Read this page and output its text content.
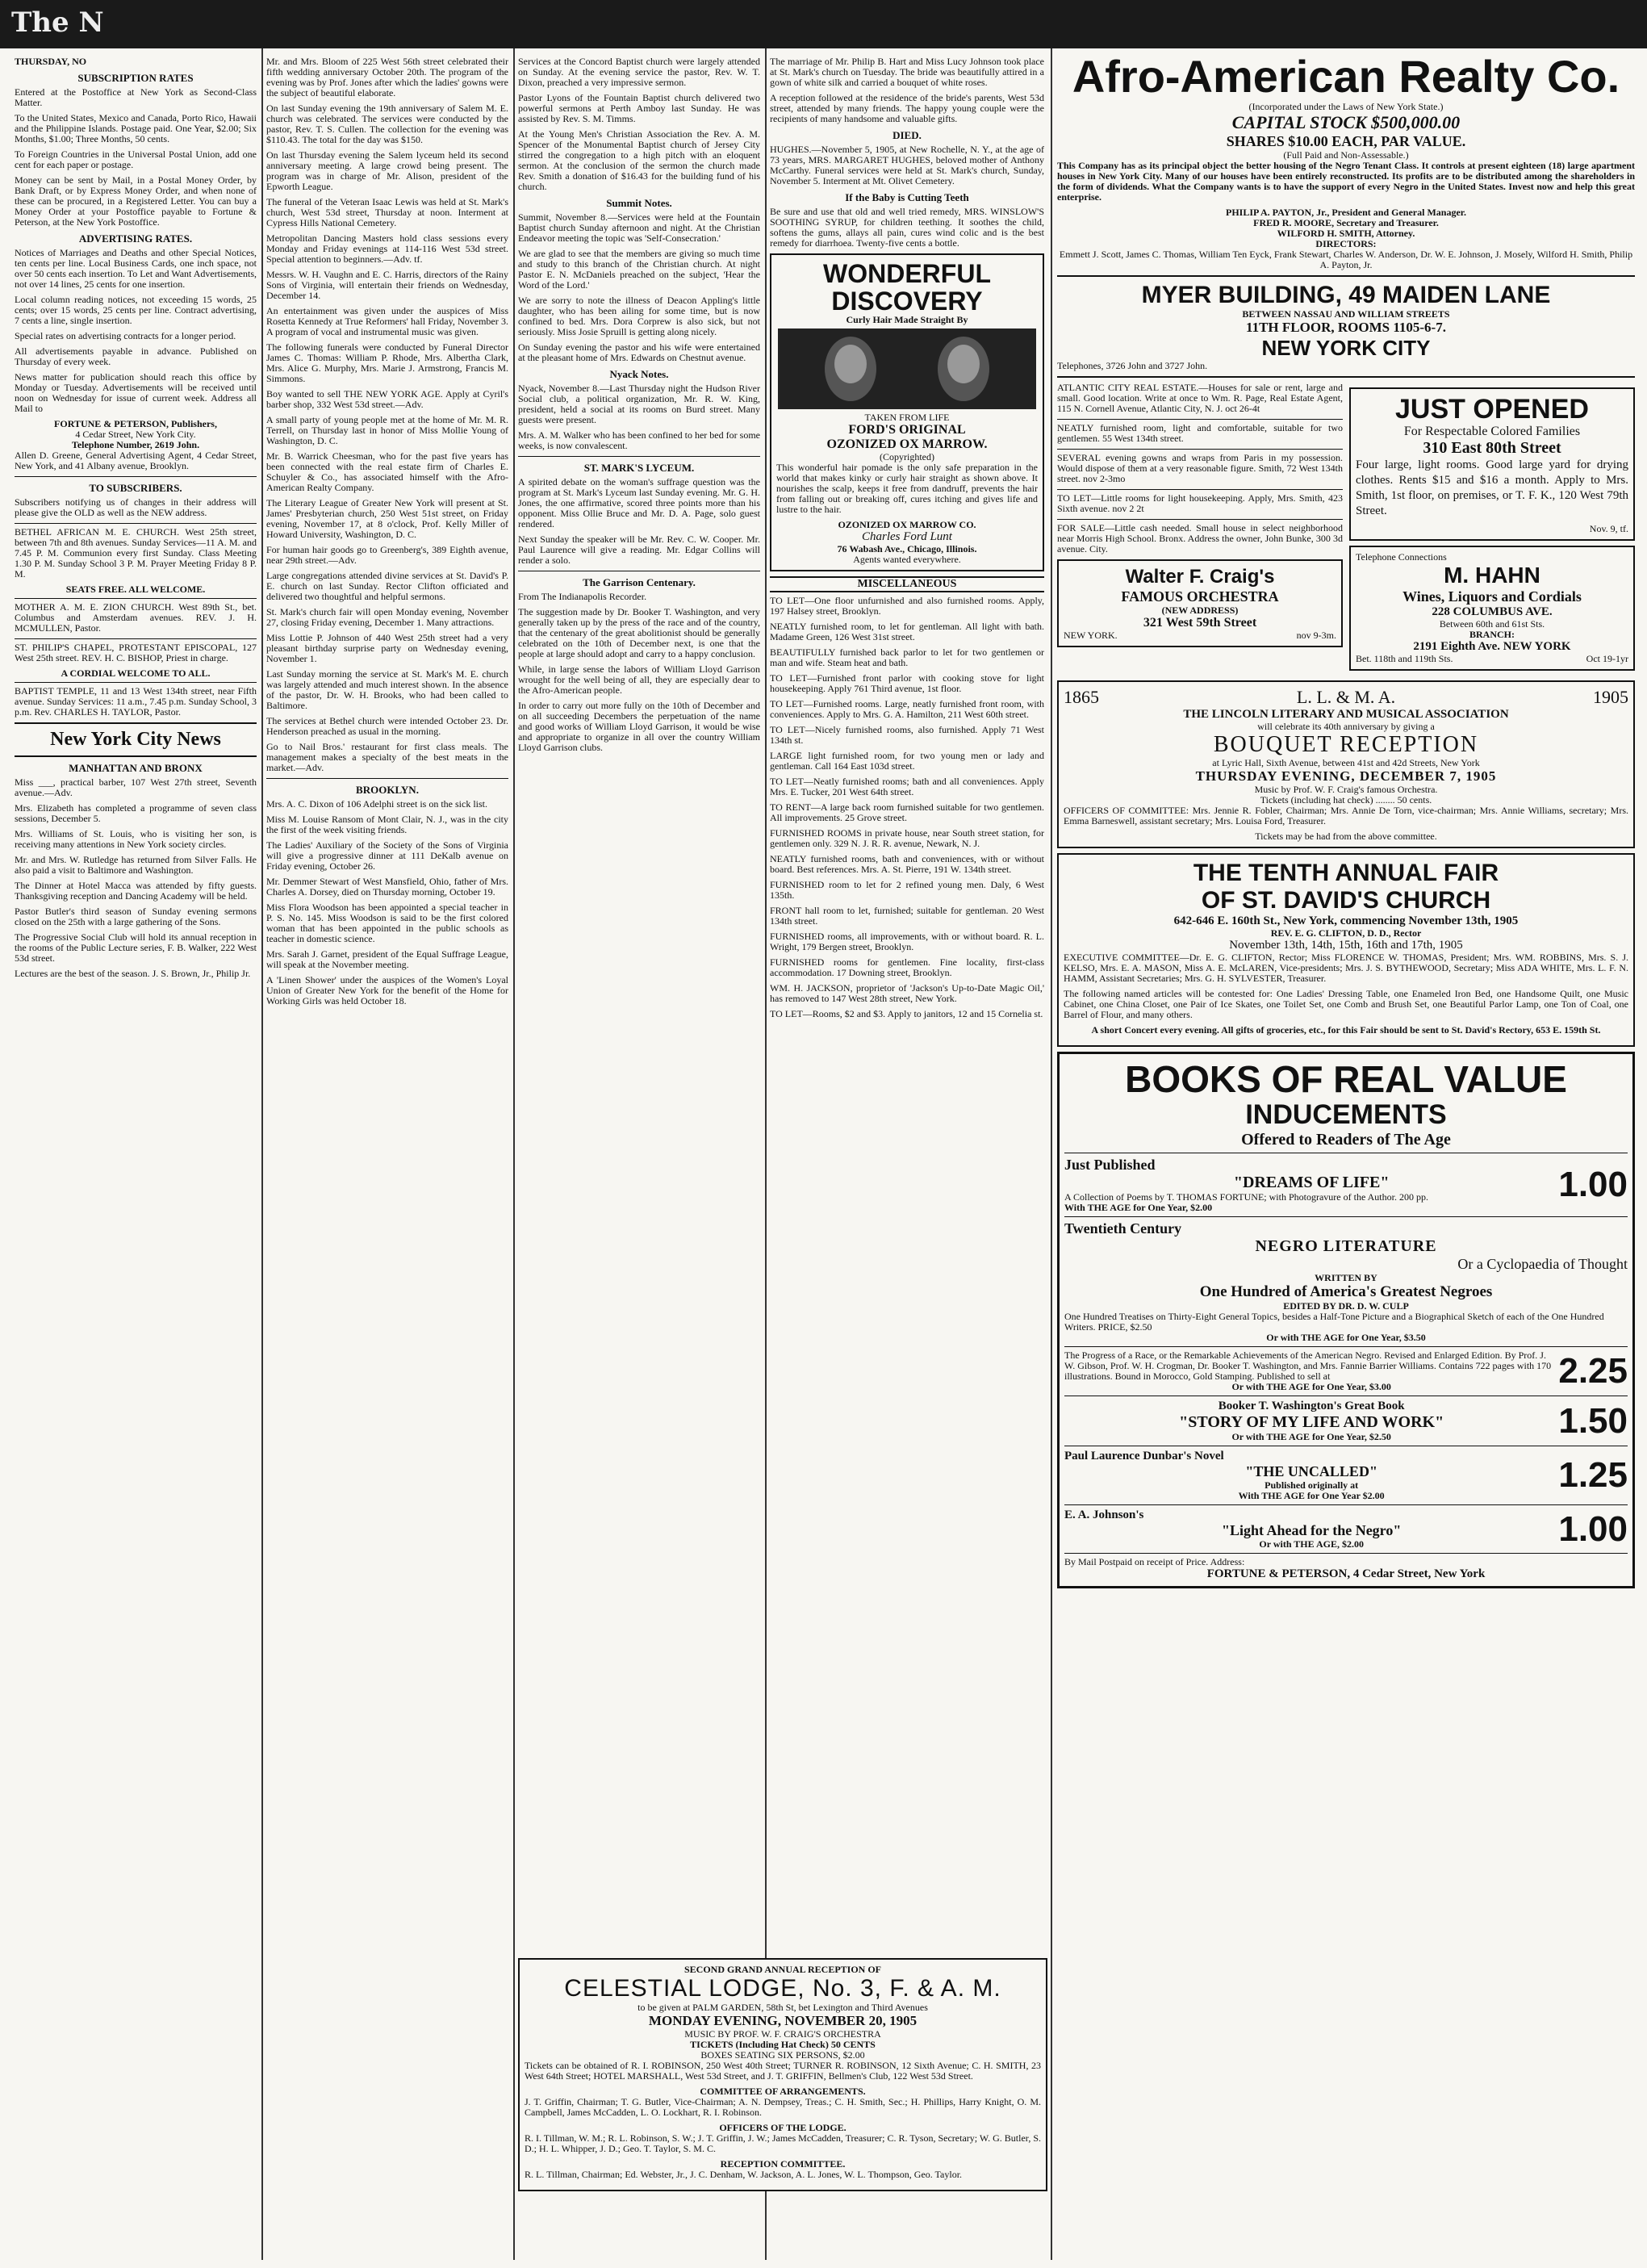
The N
THURSDAY, NO
SUBSCRIPTION RATES

Entered at the Postoffice at New York as Second-Class Matter.

To the United States, Mexico and Canada, Porto Rico, Hawaii and the Philippine Islands. Postage paid. One Year, $2.00; Six Months, $1.00; Three Months, 50 cents.

To Foreign Countries in the Universal Postal Union, add one cent for each paper or postage.

Money can be sent by Mail, in a Postal Money Order, by Bank Draft, or by Express Money Order, and when none of these can be procured, in a Registered Letter. You can buy a Money Order at your Postoffice payable to Fortune & Peterson, at the New York Postoffice.

ADVERTISING RATES.

Notices of Marriages and Deaths and other Special Notices, ten cents per line. Local Business Cards, one inch space, not over 50 cents each insertion. To Let and Want Advertisements, not over 14 lines, 25 cents for one insertion.

Local column reading notices, not exceeding 15 words, 25 cents; over 15 words, 25 cents per line. Contract advertising, 7 cents a line, single insertion.

Special rates on advertising contracts for a longer period.

All advertisements payable in advance. Published on Thursday of every week.

News matter for publication should reach this office by Monday or Tuesday. Advertisements will be received until noon on Wednesday for issue of current week. Address all Mail to

FORTUNE & PETERSON, Publishers,
4 Cedar Street, New York City.
Telephone Number, 2619 John.

Allen D. Greene, General Advertising Agent, 4 Cedar Street, New York, and 41 Albany avenue, Brooklyn.

TO SUBSCRIBERS.

Subscribers notifying us of changes in their address will please give the OLD as well as the NEW address.

BETHEL AFRICAN M. E. CHURCH. West 25th street, between 7th and 8th avenues. Sunday Services—11 A. M. and 7.45 P. M. Communion every first Sunday. Class Meeting 1.30 P. M. Sunday School 3 P. M. Prayer Meeting Friday 8 P. M.

SEATS FREE. ALL WELCOME.

MOTHER A. M. E. ZION CHURCH. West 89th St., bet. Columbus and Amsterdam avenues. REV. J. H. MCMULLEN, Pastor.

ST. PHILIP'S CHAPEL, PROTESTANT EPISCOPAL, 127 West 25th street. REV. H. C. BISHOP, Priest in charge.

A CORDIAL WELCOME TO ALL.

BAPTIST TEMPLE, 11 and 13 West 134th street, near Fifth avenue. Sunday Services: 11 a.m., 7.45 p.m. Sunday School, 3 p.m. Rev. CHARLES H. TAYLOR, Pastor.

New York City News
MANHATTAN AND BRONX

Miss ___, practical barber, 107 West 27th street, Seventh avenue.—Adv.

Mrs. Elizabeth has completed a programme of seven class sessions, December 5.

Mrs. Williams of St. Louis, who is visiting her son, is receiving many attentions in New York society circles.

Mr. and Mrs. W. Rutledge has returned from Silver Falls. He also paid a visit to Baltimore and Washington.

The Dinner at Hotel Macca was attended by fifty guests. Thanksgiving reception and Dancing Academy will be held.

Pastor Butler's third season of Sunday evening sermons closed on the 25th with a large gathering of the Sons.

The Progressive Social Club will hold its annual reception in the rooms of the Public Lecture series, F. B. Walker, 222 West 53d street.

Lectures are the best of the season. J. S. Brown, Jr., Philip Jr.

Mr. and Mrs. Bloom of 225 West 56th street celebrated their fifth wedding anniversary October 20th. The program of the evening was by Prof. Jones after which the ladies' gowns were the subject of beautiful elaborate.

On last Sunday evening the 19th anniversary of Salem M. E. church was celebrated. The services were conducted by the pastor, Rev. T. S. Cullen. The collection for the evening was $110.43. The total for the day was $150.

On last Thursday evening the Salem lyceum held its second anniversary meeting. A large crowd being present. The program was in charge of Mr. Alison, president of the Epworth League.

The funeral of the Veteran Isaac Lewis was held at St. Mark's church, West 53d street, Thursday at noon. Interment at Cypress Hills National Cemetery.

Metropolitan Dancing Masters hold class sessions every Monday and Friday evenings at 114-116 West 53d street. Special attention to beginners.—Adv. tf.

Messrs. W. H. Vaughn and E. C. Harris, directors of the Rainy Sons of Virginia, will entertain their friends on Wednesday, December 14.

An entertainment was given under the auspices of Miss Rosetta Kennedy at True Reformers' hall Friday, November 3. A program of vocal and instrumental music was given.

The following funerals were conducted by Funeral Director James C. Thomas: William P. Rhode, Mrs. Albertha Clark, Mrs. Alice G. Murphy, Mrs. Marie J. Armstrong, Francis M. Simmons.

Boy wanted to sell THE NEW YORK AGE. Apply at Cyril's barber shop, 332 West 53d street.—Adv.

A small party of young people met at the home of Mr. M. R. Terrell, on Thursday last in honor of Miss Mollie Young of Washington, D. C.

Mr. B. Warrick Cheesman, who for the past five years has been connected with the real estate firm of Charles E. Schuyler & Co., has associated himself with the Afro-American Realty Company.

The Literary League of Greater New York will present at St. James' Presbyterian church, 250 West 51st street, on Friday evening, November 17, at 8 o'clock, Prof. Kelly Miller of Howard University, Washington, D. C.

For human hair goods go to Greenberg's, 389 Eighth avenue, near 29th street.—Adv.

Large congregations attended divine services at St. David's P. E. church on last Sunday. Rector Clifton officiated and delivered two thoughtful and helpful sermons.

St. Mark's church fair will open Monday evening, November 27, closing Friday evening, December 1. Many attractions.

Miss Lottie P. Johnson of 440 West 25th street had a very pleasant birthday surprise party on Wednesday evening, November 1.

Last Sunday morning the service at St. Mark's M. E. church was largely attended and much interest shown. In the absence of the pastor, Dr. W. H. Brooks, who had been called to Baltimore.

The services at Bethel church were intended October 23. Dr. Henderson preached as usual in the morning.

Go to Nail Bros.' restaurant for first class meals. The management makes a specialty of the best meats in the market.—Adv.

BROOKLYN.

Mrs. A. C. Dixon of 106 Adelphi street is on the sick list.

Miss M. Louise Ransom of Mont Clair, N. J., was in the city the first of the week visiting friends.

The Ladies' Auxiliary of the Society of the Sons of Virginia will give a progressive dinner at 111 DeKalb avenue on Friday evening, October 26.

Mr. Demmer Stewart of West Mansfield, Ohio, father of Mrs. Charles A. Dorsey, died on Thursday morning, October 19.

Miss Flora Woodson has been appointed a special teacher in P. S. No. 145. Miss Woodson is said to be the first colored woman that has been appointed in the public schools as teacher in domestic science.

Mrs. Sarah J. Garnet, president of the Equal Suffrage League, will speak at the November meeting.

A 'Linen Shower' under the auspices of the Women's Loyal Union of Greater New York for the benefit of the Home for Working Girls was held October 18.

Services at the Concord Baptist church were largely attended on Sunday. At the evening service the pastor, Rev. W. T. Dixon, preached a very impressive sermon.

Pastor Lyons of the Fountain Baptist church delivered two powerful sermons at Perth Amboy last Sunday. He was assisted by Rev. S. M. Timms.

At the Young Men's Christian Association the Rev. A. M. Spencer of the Monumental Baptist church of Jersey City stirred the congregation to a high pitch with an eloquent sermon. At the conclusion of the sermon the church made Rev. Smith a donation of $16.43 for the building fund of his church.

Summit Notes.

Summit, November 8.—Services were held at the Fountain Baptist church Sunday afternoon and night. At the Christian Endeavor meeting the topic was 'Self-Consecration.'

We are glad to see that the members are giving so much time and study to this branch of the Christian church. At night Pastor E. N. McDaniels preached on the subject, 'Hear the Word of the Lord.'

We are sorry to note the illness of Deacon Appling's little daughter, who has been ailing for some time, but is now confined to bed. Mrs. Dora Corprew is also sick, but not seriously. Miss Josie Spruill is getting along nicely.

On Sunday evening the pastor and his wife were entertained at the pleasant home of Mrs. Edwards on Chestnut avenue.

Nyack Notes.

Nyack, November 8.—Last Thursday night the Hudson River Social club, a political organization, Mr. R. W. King, president, held a social at its rooms on Burd street. Many guests were present.

Mrs. A. M. Walker who has been confined to her bed for some weeks, is now convalescent.

ST. MARK'S LYCEUM.

A spirited debate on the woman's suffrage question was the program at St. Mark's Lyceum last Sunday evening. Mr. G. H. Jones, the one affirmative, scored three points more than his opponent. Miss Ollie Bruce and Mr. D. A. Page, solo guest rendered.

Next Sunday the speaker will be Mr. Rev. C. W. Cooper. Mr. Paul Laurence will give a reading. Mr. Edgar Collins will render a solo.

The Garrison Centenary.

From The Indianapolis Recorder.

The suggestion made by Dr. Booker T. Washington, and very generally taken up by the press of the race and of the country, that the centenary of the great abolitionist should be generally celebrated on the 10th of December next, is one that the people at large should adopt and carry to a happy conclusion.

While, in large sense the labors of William Lloyd Garrison wrought for the well being of all, they are especially dear to the Afro-American people.

In order to carry out more fully on the 10th of December and on all succeeding Decembers the perpetuation of the name and good works of William Lloyd Garrison, it would be wise and appropriate to organize in all over the country William Lloyd Garrison clubs.

The marriage of Mr. Philip B. Hart and Miss Lucy Johnson took place at St. Mark's church on Tuesday. The bride was beautifully attired in a gown of white silk and carried a bouquet of white roses.

A reception followed at the residence of the bride's parents, West 53d street, attended by many friends. The happy young couple were the recipients of many handsome and valuable gifts.

DIED.

HUGHES.—November 5, 1905, at New Rochelle, N. Y., at the age of 73 years, MRS. MARGARET HUGHES, beloved mother of Anthony McCarthy. Funeral services were held at St. Mark's church, Sunday, November 5. Interment at Mt. Olivet Cemetery.

If the Baby is Cutting Teeth

Be sure and use that old and well tried remedy, MRS. WINSLOW'S SOOTHING SYRUP, for children teething. It soothes the child, softens the gums, allays all pain, cures wind colic and is the best remedy for diarrhoea. Twenty-five cents a bottle.

WONDERFUL
DISCOVERY
Curly Hair Made Straight By
TAKEN FROM LIFE
FORD'S ORIGINAL
OZONIZED OX MARROW.
(Copyrighted)

This wonderful hair pomade is the only safe preparation in the world that makes kinky or curly hair straight as shown above. It nourishes the scalp, keeps it free from dandruff, prevents the hair from falling out or breaking off, cures itching and gives life and lustre to the hair.

OZONIZED OX MARROW CO.
Charles Ford Lunt
76 Wabash Ave., Chicago, Illinois.
Agents wanted everywhere.
MISCELLANEOUS

TO LET—One floor unfurnished and also furnished rooms. Apply, 197 Halsey street, Brooklyn.

NEATLY furnished room, to let for gentleman. All light with bath. Madame Green, 126 West 31st street.

BEAUTIFULLY furnished back parlor to let for two gentlemen or man and wife. Steam heat and bath.

TO LET—Furnished front parlor with cooking stove for light housekeeping. Apply 761 Third avenue, 1st floor.

TO LET—Furnished rooms. Large, neatly furnished front room, with conveniences. Apply to Mrs. G. A. Hamilton, 211 West 60th street.

TO LET—Nicely furnished rooms, also furnished. Apply 71 West 134th st.

LARGE light furnished room, for two young men or lady and gentleman. Call 164 East 103d street.

TO LET—Neatly furnished rooms; bath and all conveniences. Apply Mrs. E. Tucker, 201 West 64th street.

TO RENT—A large back room furnished suitable for two gentlemen. All improvements. 25 Grove street.

FURNISHED ROOMS in private house, near South street station, for gentlemen only. 329 N. J. R. R. avenue, Newark, N. J.

NEATLY furnished rooms, bath and conveniences, with or without board. Best references. Mrs. A. St. Pierre, 191 W. 134th street.

FURNISHED room to let for 2 refined young men. Daly, 6 West 135th.

FRONT hall room to let, furnished; suitable for gentleman. 20 West 134th street.

FURNISHED rooms, all improvements, with or without board. R. L. Wright, 179 Bergen street, Brooklyn.

FURNISHED rooms for gentlemen. Fine locality, first-class accommodation. 17 Downing street, Brooklyn.

WM. H. JACKSON, proprietor of 'Jackson's Up-to-Date Magic Oil,' has removed to 147 West 28th street, New York.

TO LET—Rooms, $2 and $3. Apply to janitors, 12 and 15 Cornelia st.

SECOND GRAND ANNUAL RECEPTION OF
CELESTIAL LODGE, No. 3, F. & A. M.
to be given at PALM GARDEN, 58th St, bet Lexington and Third Avenues
MONDAY EVENING, NOVEMBER 20, 1905
MUSIC BY PROF. W. F. CRAIG'S ORCHESTRA
TICKETS (Including Hat Check) 50 CENTS
BOXES SEATING SIX PERSONS, $2.00

Tickets can be obtained of R. I. ROBINSON, 250 West 40th Street; TURNER R. ROBINSON, 12 Sixth Avenue; C. H. SMITH, 23 West 64th Street; HOTEL MARSHALL, West 53d Street, and J. T. GRIFFIN, Bellmen's Club, 122 West 53d Street.

COMMITTEE OF ARRANGEMENTS.

J. T. Griffin, Chairman; T. G. Butler, Vice-Chairman; A. N. Dempsey, Treas.; C. H. Smith, Sec.; H. Phillips, Harry Knight, O. M. Campbell, James McCadden, L. O. Lockhart, R. I. Robinson.

OFFICERS OF THE LODGE.

R. I. Tillman, W. M.; R. L. Robinson, S. W.; J. T. Griffin, J. W.; James McCadden, Treasurer; C. R. Tyson, Secretary; W. G. Butler, S. D.; H. L. Whipper, J. D.; Geo. T. Taylor, S. M. C.

RECEPTION COMMITTEE.

R. L. Tillman, Chairman; Ed. Webster, Jr., J. C. Denham, W. Jackson, A. L. Jones, W. L. Thompson, Geo. Taylor.

Afro-American Realty Co.
(Incorporated under the Laws of New York State.)
CAPITAL STOCK $500,000.00
SHARES $10.00 EACH, PAR VALUE.
(Full Paid and Non-Assessable.)

This Company has as its principal object the better housing of the Negro Tenant Class. It controls at present eighteen (18) large apartment houses in New York City. Many of our houses have been entirely reconstructed. Its profits are to be distributed among the shareholders in the form of dividends. What the Company wants is to have the support of every Negro in the United States. Invest now and help this great enterprise.

PHILIP A. PAYTON, Jr., President and General Manager.
FRED R. MOORE, Secretary and Treasurer.
WILFORD H. SMITH, Attorney.
DIRECTORS:
Emmett J. Scott, James C. Thomas, William Ten Eyck, Frank Stewart, Charles W. Anderson, Dr. W. E. Johnson, J. Mosely, Wilford H. Smith, Philip A. Payton, Jr.
MYER BUILDING, 49 MAIDEN LANE
BETWEEN NASSAU AND WILLIAM STREETS
11TH FLOOR, ROOMS 1105-6-7.
NEW YORK CITY
Telephones, 3726 John and 3727 John.

ATLANTIC CITY REAL ESTATE.—Houses for sale or rent, large and small. Good location. Write at once to Wm. R. Page, Real Estate Agent, 115 N. Cornell Avenue, Atlantic City, N. J. oct 26-4t

NEATLY furnished room, light and comfortable, suitable for two gentlemen. 55 West 134th street.

SEVERAL evening gowns and wraps from Paris in my possession. Would dispose of them at a very reasonable figure. Smith, 72 West 134th street. nov 2-3mo

TO LET—Little rooms for light housekeeping. Apply, Mrs. Smith, 423 Sixth avenue. nov 2 2t

FOR SALE—Little cash needed. Small house in select neighborhood near Morris High School. Bronx. Address the owner, John Bunke, 300 3d avenue. City.

Walter F. Craig's
FAMOUS ORCHESTRA
(NEW ADDRESS)
321 West 59th Street
NEW YORK.	nov 9-3m.
JUST OPENED
For Respectable Colored Families
310 East 80th Street

Four large, light rooms. Good large yard for drying clothes. Rents $15 and $16 a month. Apply to Mrs. Smith, 1st floor, on premises, or T. F. K., 120 West 79th Street.

Nov. 9, tf.
Telephone Connections
M. HAHN
Wines, Liquors and Cordials
228 COLUMBUS AVE.
Between 60th and 61st Sts.
BRANCH:
2191 Eighth Ave. NEW YORK
Bet. 118th and 119th Sts.	Oct 19-1yr
1865	L. L. & M. A.	1905
THE LINCOLN LITERARY AND MUSICAL ASSOCIATION
will celebrate its 40th anniversary by giving a
BOUQUET RECEPTION
at Lyric Hall, Sixth Avenue, between 41st and 42d Streets, New York
THURSDAY EVENING, DECEMBER 7, 1905
Music by Prof. W. F. Craig's famous Orchestra.
Tickets (including hat check) ........ 50 cents.

OFFICERS OF COMMITTEE: Mrs. Jennie R. Fobler, Chairman; Mrs. Annie De Torn, vice-chairman; Mrs. Annie Williams, secretary; Mrs. Emma Barneswell, assistant secretary; Mrs. Louisa Ford, Treasurer.

Tickets may be had from the above committee.
THE TENTH ANNUAL FAIR
OF ST. DAVID'S CHURCH
642-646 E. 160th St., New York, commencing November 13th, 1905
REV. E. G. CLIFTON, D. D., Rector
November 13th, 14th, 15th, 16th and 17th, 1905

EXECUTIVE COMMITTEE—Dr. E. G. CLIFTON, Rector; Miss FLORENCE W. THOMAS, President; Mrs. WM. ROBBINS, Mrs. S. J. KELSO, Mrs. E. A. MASON, Miss A. E. McLAREN, Vice-presidents; Mrs. J. S. BYTHEWOOD, Secretary; Miss ADA WHITE, Mrs. L. F. N. HAMM, Assistant Secretaries; Mrs. G. H. SYLVESTER, Treasurer.

The following named articles will be contested for: One Ladies' Dressing Table, one Enameled Iron Bed, one Handsome Quilt, one Music Cabinet, one China Closet, one Pair of Ice Skates, one Toilet Set, one Comb and Brush Set, one Beautiful Parlor Lamp, one Ton of Coal, one Barrel of Flour, and many others.

A short Concert every evening. All gifts of groceries, etc., for this Fair should be sent to St. David's Rectory, 653 E. 159th St.

BOOKS OF REAL VALUE
INDUCEMENTS
Offered to Readers of The Age
Just Published
"DREAMS OF LIFE"
A Collection of Poems by T. THOMAS FORTUNE; with Photogravure of the Author. 200 pp.
With THE AGE for One Year, $2.00
1.00
Twentieth Century
NEGRO LITERATURE
Or a Cyclopaedia of Thought
WRITTEN BY
One Hundred of America's Greatest Negroes
EDITED BY DR. D. W. CULP
One Hundred Treatises on Thirty-Eight General Topics, besides a Half-Tone Picture and a Biographical Sketch of each of the One Hundred Writers. PRICE, $2.50
Or with THE AGE for One Year, $3.50
The Progress of a Race, or the Remarkable Achievements of the American Negro. Revised and Enlarged Edition. By Prof. J. W. Gibson, Prof. W. H. Crogman, Dr. Booker T. Washington, and Mrs. Fannie Barrier Williams. Contains 722 pages with 170 illustrations. Bound in Morocco, Gold Stamping. Published to sell at
Or with THE AGE for One Year, $3.00	2.25
Booker T. Washington's Great Book
"STORY OF MY LIFE AND WORK"
Or with THE AGE for One Year, $2.50	1.50
Paul Laurence Dunbar's Novel
"THE UNCALLED"
Published originally at
With THE AGE for One Year $2.00
1.25
E. A. Johnson's
"Light Ahead for the Negro"
Or with THE AGE, $2.00	1.00
By Mail Postpaid on receipt of Price. Address:
FORTUNE & PETERSON, 4 Cedar Street, New York
